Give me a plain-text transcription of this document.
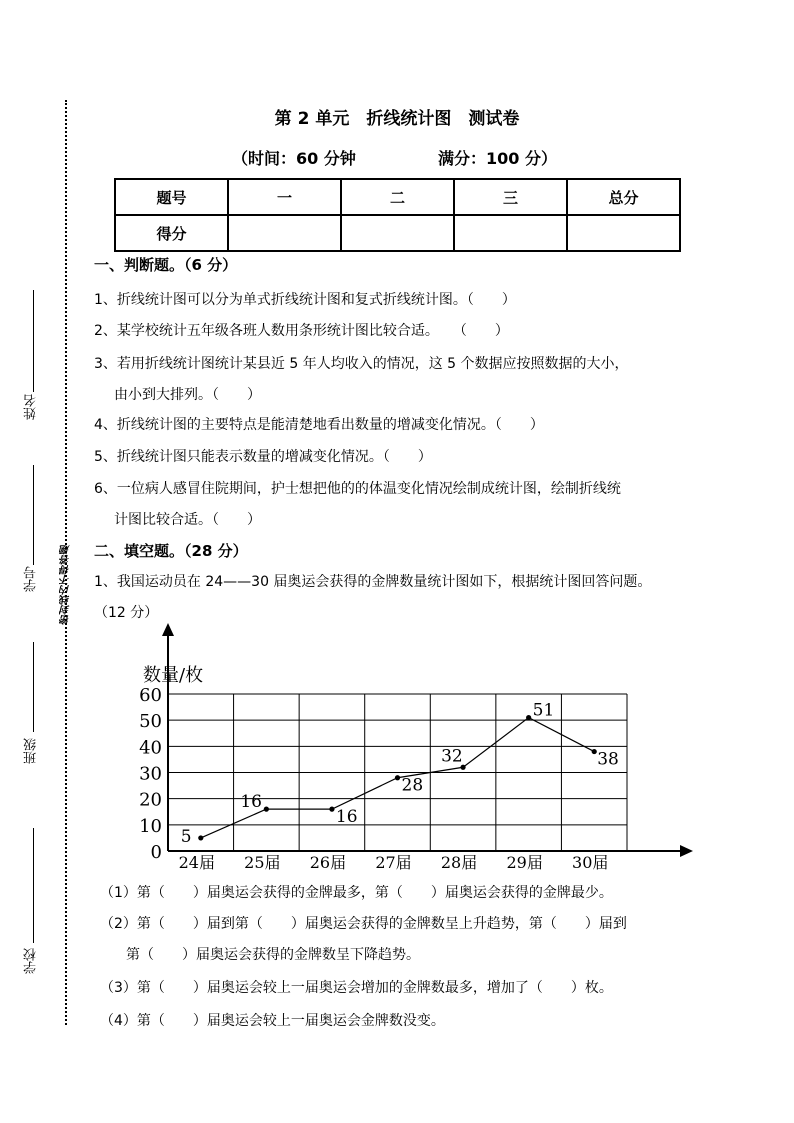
第 2 单元　折线统计图　测试卷
（时间：60 分钟	满分：100 分）
题号	一	二	三	总分
得分				
密封线内不得答题
姓名
学号
班级
学校
一、判断题。（6 分）
1、折线统计图可以分为单式折线统计图和复式折线统计图。（　　）
2、某学校统计五年级各班人数用条形统计图比较合适。　　（　　）
3、若用折线统计图统计某县近 5 年人均收入的情况，这 5 个数据应按照数据的大小，
由小到大排列。（　　）
4、折线统计图的主要特点是能清楚地看出数量的增减变化情况。（　　）
5、折线统计图只能表示数量的增减变化情况。（　　）
6、一位病人感冒住院期间，护士想把他的的体温变化情况绘制成统计图，绘制折线统
计图比较合适。（　　）
二、填空题。（28 分）
1、我国运动员在 24——30 届奥运会获得的金牌数量统计图如下，根据统计图回答问题。
（12 分）
0
10
20
30
40
50
60
24届 25届 26届 27届 28届 29届 30届
5
16
16
28
32
51
38
数量/枚
（1）第（　　）届奥运会获得的金牌最多，第（　　）届奥运会获得的金牌最少。
（2）第（　　）届到第（　　）届奥运会获得的金牌数呈上升趋势，第（　　）届到
第（　　）届奥运会获得的金牌数呈下降趋势。
（3）第（　　）届奥运会较上一届奥运会增加的金牌数最多，增加了（　　）枚。
（4）第（　　）届奥运会较上一届奥运会金牌数没变。
